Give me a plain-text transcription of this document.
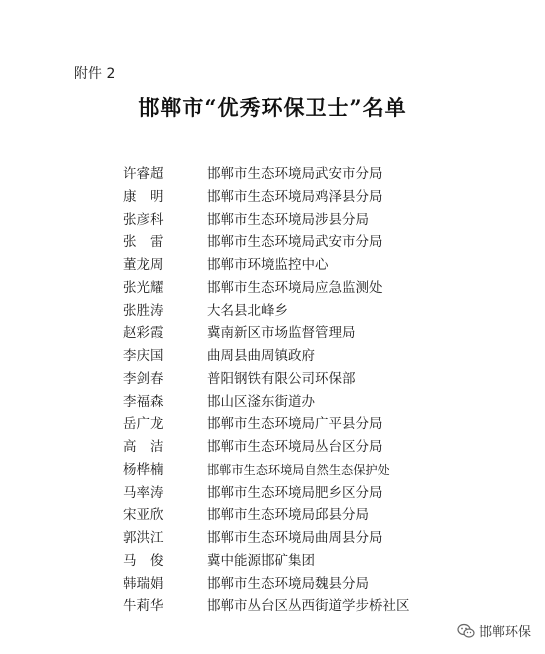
附件 2
邯郸市“优秀环保卫士”名单
许睿超	邯郸市生态环境局武安市分局
康　明	邯郸市生态环境局鸡泽县分局
张彦科	邯郸市生态环境局涉县分局
张　雷	邯郸市生态环境局武安市分局
董龙周	邯郸市环境监控中心
张光耀	邯郸市生态环境局应急监测处
张胜涛	大名县北峰乡
赵彩霞	冀南新区市场监督管理局
李庆国	曲周县曲周镇政府
李剑春	普阳钢铁有限公司环保部
李福森	邯山区滏东街道办
岳广龙	邯郸市生态环境局广平县分局
高　洁	邯郸市生态环境局丛台区分局
杨桦楠	邯郸市生态环境局自然生态保护处
马率涛	邯郸市生态环境局肥乡区分局
宋亚欣	邯郸市生态环境局邱县分局
郭洪江	邯郸市生态环境局曲周县分局
马　俊	冀中能源邯矿集团
韩瑞娟	邯郸市生态环境局魏县分局
牛莉华	邯郸市丛台区丛西街道学步桥社区
邯郸环保
